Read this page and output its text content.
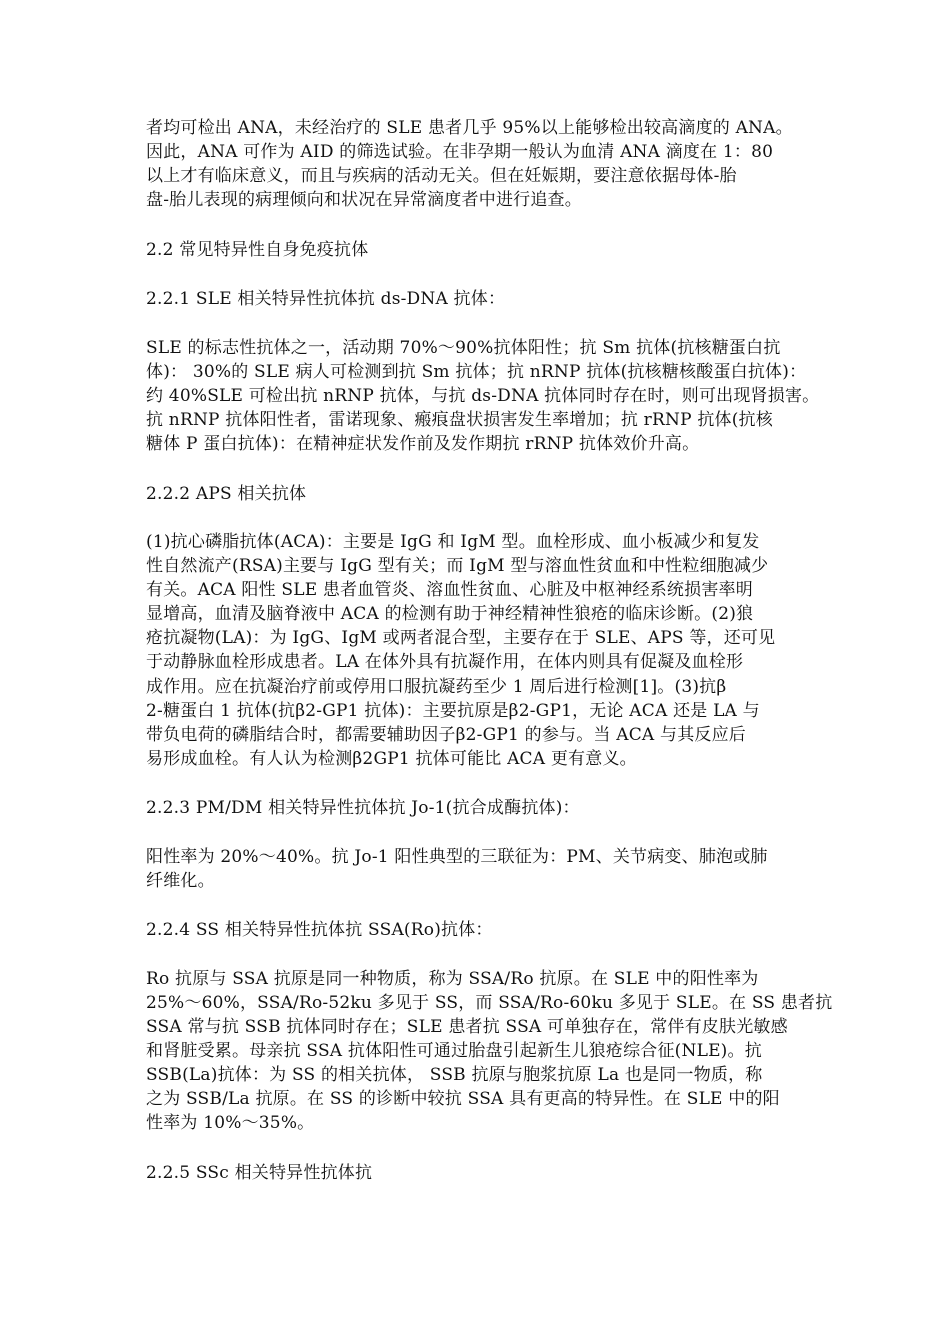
者均可检出 ANA，未经治疗的 SLE 患者几乎 95%以上能够检出较高滴度的 ANA。
因此，ANA 可作为 AID 的筛选试验。在非孕期一般认为血清 ANA 滴度在 1：80
以上才有临床意义，而且与疾病的活动无关。但在妊娠期，要注意依据母体-胎
盘-胎儿表现的病理倾向和状况在异常滴度者中进行追查。
2.2 常见特异性自身免疫抗体
2.2.1 SLE 相关特异性抗体抗 ds-DNA 抗体：
SLE 的标志性抗体之一，活动期 70%～90%抗体阳性；抗 Sm 抗体(抗核糖蛋白抗
体)： 30%的 SLE 病人可检测到抗 Sm 抗体；抗 nRNP 抗体(抗核糖核酸蛋白抗体)：
约 40%SLE 可检出抗 nRNP 抗体，与抗 ds-DNA 抗体同时存在时，则可出现肾损害。
抗 nRNP 抗体阳性者，雷诺现象、瘢痕盘状损害发生率增加；抗 rRNP 抗体(抗核
糖体 P 蛋白抗体)：在精神症状发作前及发作期抗 rRNP 抗体效价升高。
2.2.2 APS 相关抗体
(1)抗心磷脂抗体(ACA)：主要是 IgG 和 IgM 型。血栓形成、血小板减少和复发
性自然流产(RSA)主要与 IgG 型有关；而 IgM 型与溶血性贫血和中性粒细胞减少
有关。ACA 阳性 SLE 患者血管炎、溶血性贫血、心脏及中枢神经系统损害率明
显增高，血清及脑脊液中 ACA 的检测有助于神经精神性狼疮的临床诊断。(2)狼
疮抗凝物(LA)：为 IgG、IgM 或两者混合型，主要存在于 SLE、APS 等，还可见
于动静脉血栓形成患者。LA 在体外具有抗凝作用，在体内则具有促凝及血栓形
成作用。应在抗凝治疗前或停用口服抗凝药至少 1 周后进行检测[1]。(3)抗β
2-糖蛋白 1 抗体(抗β2-GP1 抗体)：主要抗原是β2-GP1，无论 ACA 还是 LA 与
带负电荷的磷脂结合时，都需要辅助因子β2-GP1 的参与。当 ACA 与其反应后
易形成血栓。有人认为检测β2GP1 抗体可能比 ACA 更有意义。
2.2.3 PM/DM 相关特异性抗体抗 Jo-1(抗合成酶抗体)：
阳性率为 20%～40%。抗 Jo-1 阳性典型的三联征为：PM、关节病变、肺泡或肺
纤维化。
2.2.4 SS 相关特异性抗体抗 SSA(Ro)抗体：
Ro 抗原与 SSA 抗原是同一种物质，称为 SSA/Ro 抗原。在 SLE 中的阳性率为
25%～60%，SSA/Ro-52ku 多见于 SS，而 SSA/Ro-60ku 多见于 SLE。在 SS 患者抗
SSA 常与抗 SSB 抗体同时存在；SLE 患者抗 SSA 可单独存在，常伴有皮肤光敏感
和肾脏受累。母亲抗 SSA 抗体阳性可通过胎盘引起新生儿狼疮综合征(NLE)。抗
SSB(La)抗体：为 SS 的相关抗体， SSB 抗原与胞浆抗原 La 也是同一物质，称
之为 SSB/La 抗原。在 SS 的诊断中较抗 SSA 具有更高的特异性。在 SLE 中的阳
性率为 10%～35%。
2.2.5 SSc 相关特异性抗体抗
